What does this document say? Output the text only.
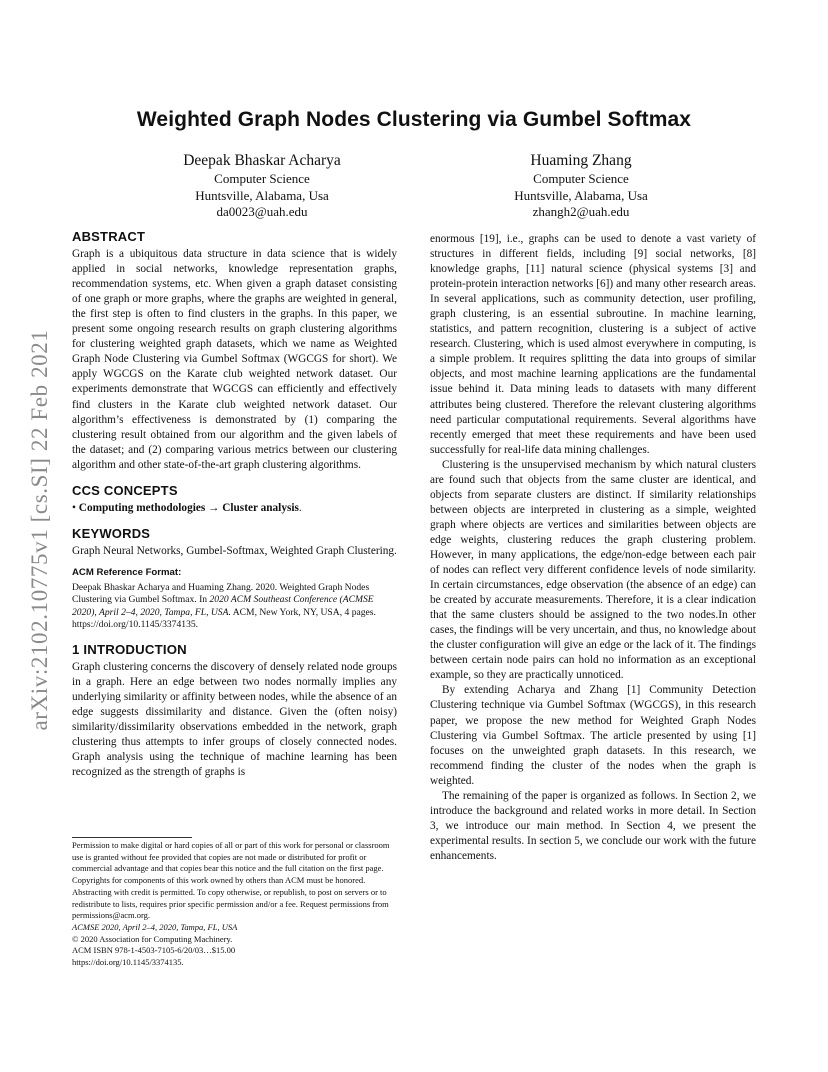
arXiv:2102.10775v1 [cs.SI] 22 Feb 2021
Weighted Graph Nodes Clustering via Gumbel Softmax
Deepak Bhaskar Acharya
Computer Science
Huntsville, Alabama, Usa
da0023@uah.edu
Huaming Zhang
Computer Science
Huntsville, Alabama, Usa
zhangh2@uah.edu
ABSTRACT

Graph is a ubiquitous data structure in data science that is widely applied in social networks, knowledge representation graphs, recommendation systems, etc. When given a graph dataset consisting of one graph or more graphs, where the graphs are weighted in general, the first step is often to find clusters in the graphs. In this paper, we present some ongoing research results on graph clustering algorithms for clustering weighted graph datasets, which we name as Weighted Graph Node Clustering via Gumbel Softmax (WGCGS for short). We apply WGCGS on the Karate club weighted network dataset. Our experiments demonstrate that WGCGS can efficiently and effectively find clusters in the Karate club weighted network dataset. Our algorithm’s effectiveness is demonstrated by (1) comparing the clustering result obtained from our algorithm and the given labels of the dataset; and (2) comparing various metrics between our clustering algorithm and other state-of-the-art graph clustering algorithms.

CCS CONCEPTS

• Computing methodologies → Cluster analysis.

KEYWORDS

Graph Neural Networks, Gumbel-Softmax, Weighted Graph Clustering.

ACM Reference Format:

Deepak Bhaskar Acharya and Huaming Zhang. 2020. Weighted Graph Nodes Clustering via Gumbel Softmax. In 2020 ACM Southeast Conference (ACMSE 2020), April 2–4, 2020, Tampa, FL, USA. ACM, New York, NY, USA, 4 pages. https://doi.org/10.1145/3374135.

1 INTRODUCTION

Graph clustering concerns the discovery of densely related node groups in a graph. Here an edge between two nodes normally implies any underlying similarity or affinity between nodes, while the absence of an edge suggests dissimilarity and distance. Given the (often noisy) similarity/dissimilarity observations embedded in the network, graph clustering thus attempts to infer groups of closely connected nodes. Graph analysis using the technique of machine learning has been recognized as the strength of graphs is

Permission to make digital or hard copies of all or part of this work for personal or classroom use is granted without fee provided that copies are not made or distributed for profit or commercial advantage and that copies bear this notice and the full citation on the first page. Copyrights for components of this work owned by others than ACM must be honored. Abstracting with credit is permitted. To copy otherwise, or republish, to post on servers or to redistribute to lists, requires prior specific permission and/or a fee. Request permissions from permissions@acm.org.

ACMSE 2020, April 2–4, 2020, Tampa, FL, USA

© 2020 Association for Computing Machinery.

ACM ISBN 978-1-4503-7105-6/20/03…$15.00

https://doi.org/10.1145/3374135.

enormous [19], i.e., graphs can be used to denote a vast variety of structures in different fields, including [9] social networks, [8] knowledge graphs, [11] natural science (physical systems [3] and protein-protein interaction networks [6]) and many other research areas. In several applications, such as community detection, user profiling, graph clustering, is an essential subroutine. In machine learning, statistics, and pattern recognition, clustering is a subject of active research. Clustering, which is used almost everywhere in computing, is a simple problem. It requires splitting the data into groups of similar objects, and most machine learning applications are the fundamental issue behind it. Data mining leads to datasets with many different attributes being clustered. Therefore the relevant clustering algorithms need particular computational requirements. Several algorithms have recently emerged that meet these requirements and have been used successfully for real-life data mining challenges.

Clustering is the unsupervised mechanism by which natural clusters are found such that objects from the same cluster are identical, and objects from separate clusters are distinct. If similarity relationships between objects are interpreted in clustering as a simple, weighted graph where objects are vertices and similarities between objects are edge weights, clustering reduces the graph clustering problem. However, in many applications, the edge/non-edge between each pair of nodes can reflect very different confidence levels of node similarity. In certain circumstances, edge observation (the absence of an edge) can be created by accurate measurements. Therefore, it is a clear indication that the same clusters should be assigned to the two nodes.In other cases, the findings will be very uncertain, and thus, no knowledge about the cluster configuration will give an edge or the lack of it. The findings between certain node pairs can hold no information as an exceptional example, so they are practically unnoticed.

By extending Acharya and Zhang [1] Community Detection Clustering technique via Gumbel Softmax (WGCGS), in this research paper, we propose the new method for Weighted Graph Nodes Clustering via Gumbel Softmax. The article presented by using [1] focuses on the unweighted graph datasets. In this research, we recommend finding the cluster of the nodes when the graph is weighted.

The remaining of the paper is organized as follows. In Section 2, we introduce the background and related works in more detail. In Section 3, we introduce our main method. In Section 4, we present the experimental results. In section 5, we conclude our work with the future enhancements.
